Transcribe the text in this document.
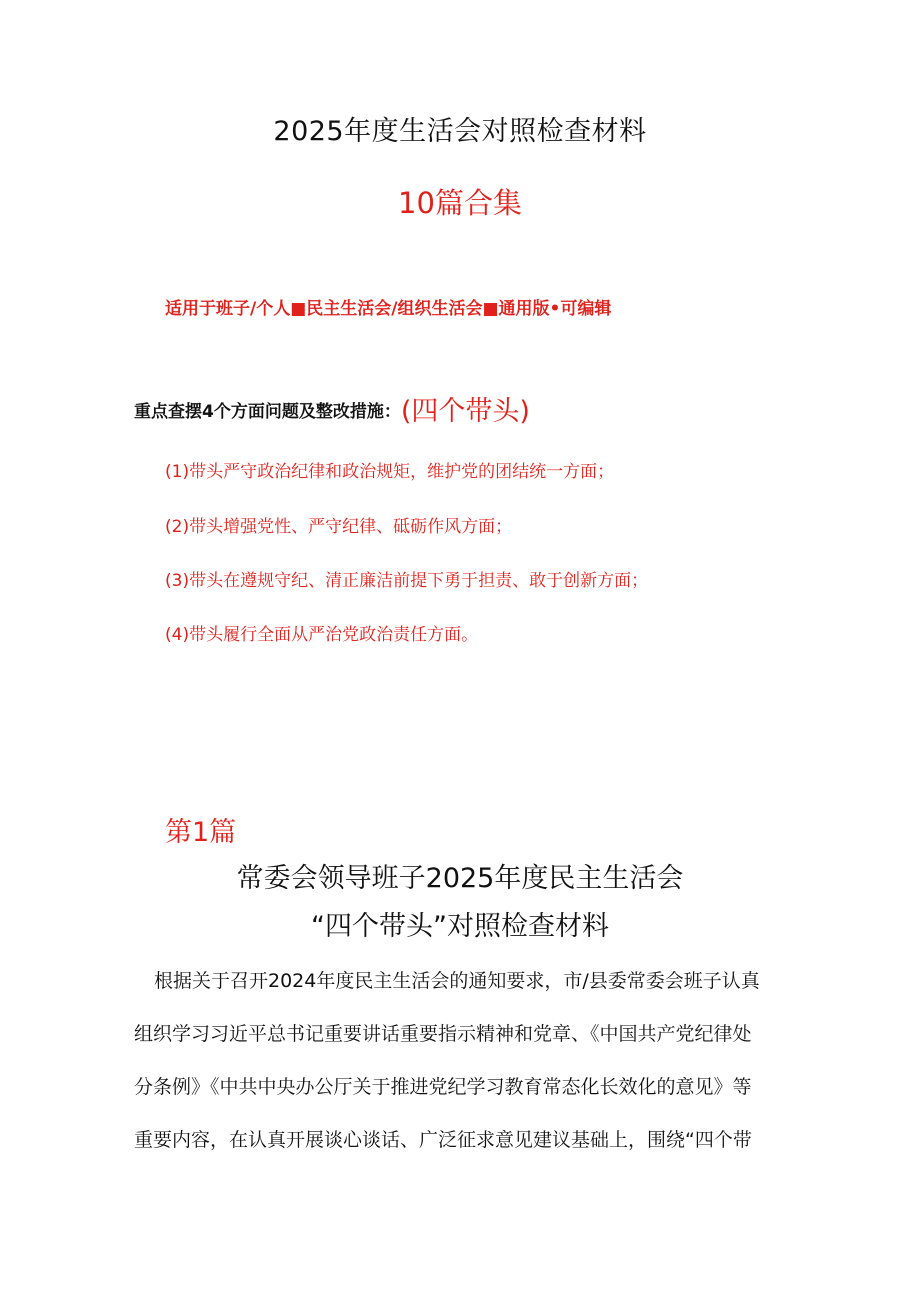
2025年度生活会对照检查材料
10篇合集
适用于班子/个人■民主生活会/组织生活会■通用版•可编辑
重点查摆4个方面问题及整改措施：(四个带头)
(1)带头严守政治纪律和政治规矩，维护党的团结统一方面；
(2)带头增强党性、严守纪律、砥砺作风方面；
(3)带头在遵规守纪、清正廉洁前提下勇于担责、敢于创新方面；
(4)带头履行全面从严治党政治责任方面。
第1篇
常委会领导班子2025年度民主生活会
“四个带头”对照检查材料
根据关于召开2024年度民主生活会的通知要求，市/县委常委会班子认真
组织学习习近平总书记重要讲话重要指示精神和党章、《中国共产党纪律处
分条例》《中共中央办公厅关于推进党纪学习教育常态化长效化的意见》等
重要内容，在认真开展谈心谈话、广泛征求意见建议基础上，围绕“四个带
